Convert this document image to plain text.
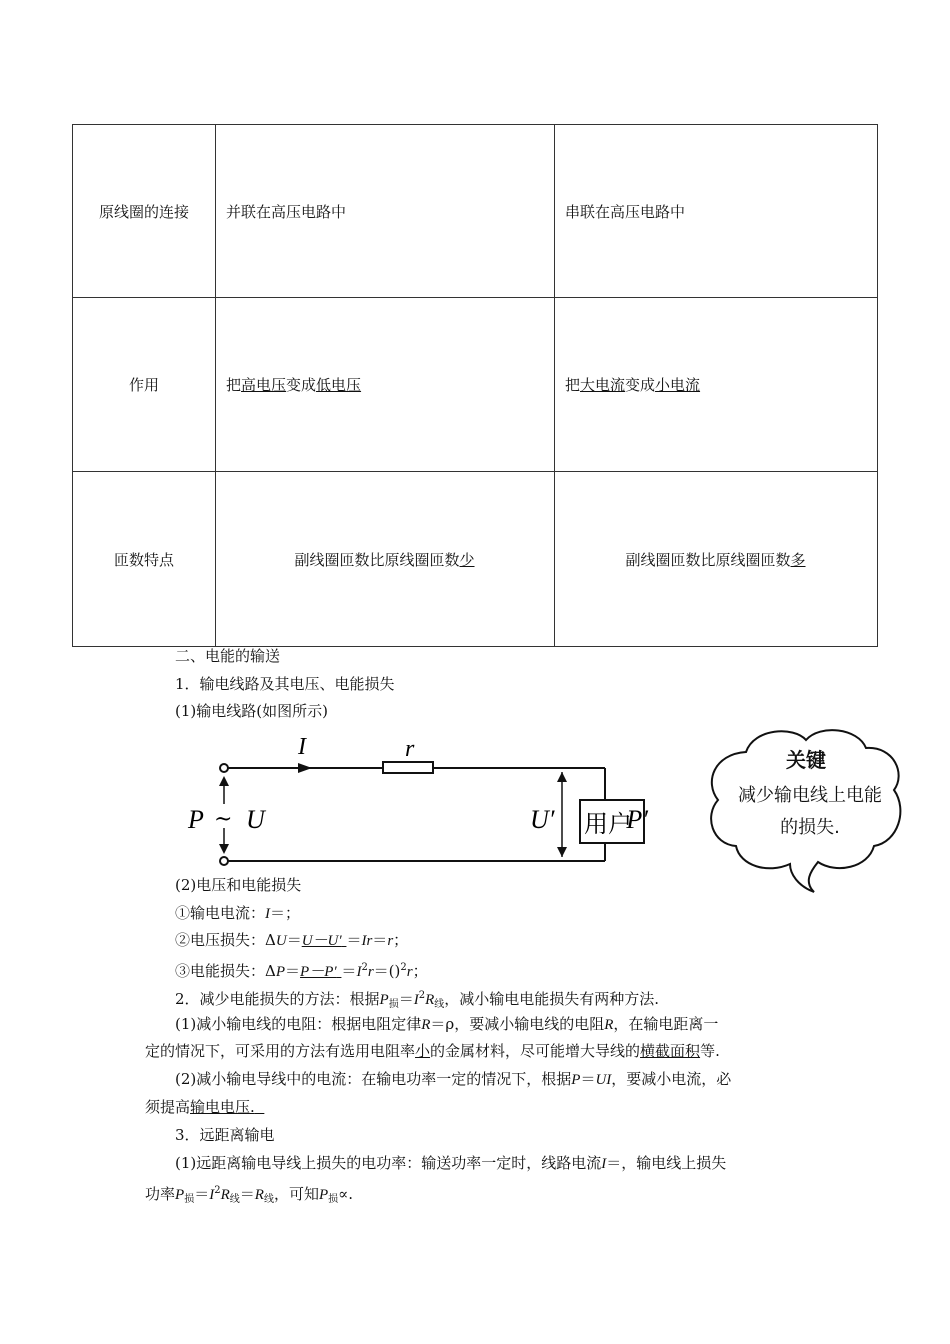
原线圈的连接	并联在高压电路中	串联在高压电路中
作用	把高电压变成低电压	把大电流变成小电流
匝数特点	副线圈匝数比原线圈匝数少	副线圈匝数比原线圈匝数多
二、电能的输送
1．输电线路及其电压、电能损失
(1)输电线路(如图所示)
I	r
P ~ U	U′ 用户
P′
关键
减少输电线上电能的损失.
(2)电压和电能损失
①输电电流：I＝；
②电压损失：ΔU＝U－U′ ＝Ir＝r；
③电能损失：$\Delta P=P-P' =I^2r=()^2r$；
2．减少电能损失的方法：根据$P_损=I^2R_线$，减小输电电能损失有两种方法.
(1)减小输电线的电阻：根据电阻定律R＝ρ，要减小输电线的电阻R，在输电距离一
定的情况下，可采用的方法有选用电阻率小的金属材料，尽可能增大导线的横截面积等.
(2)减小输电导线中的电流：在输电功率一定的情况下，根据P＝UI，要减小电流，必
须提高输电电压.
3．远距离输电
(1)远距离输电导线上损失的电功率：输送功率一定时，线路电流I＝，输电线上损失
功率$P_损=I^2R_线=R_线$，可知$P_损\propto$.
